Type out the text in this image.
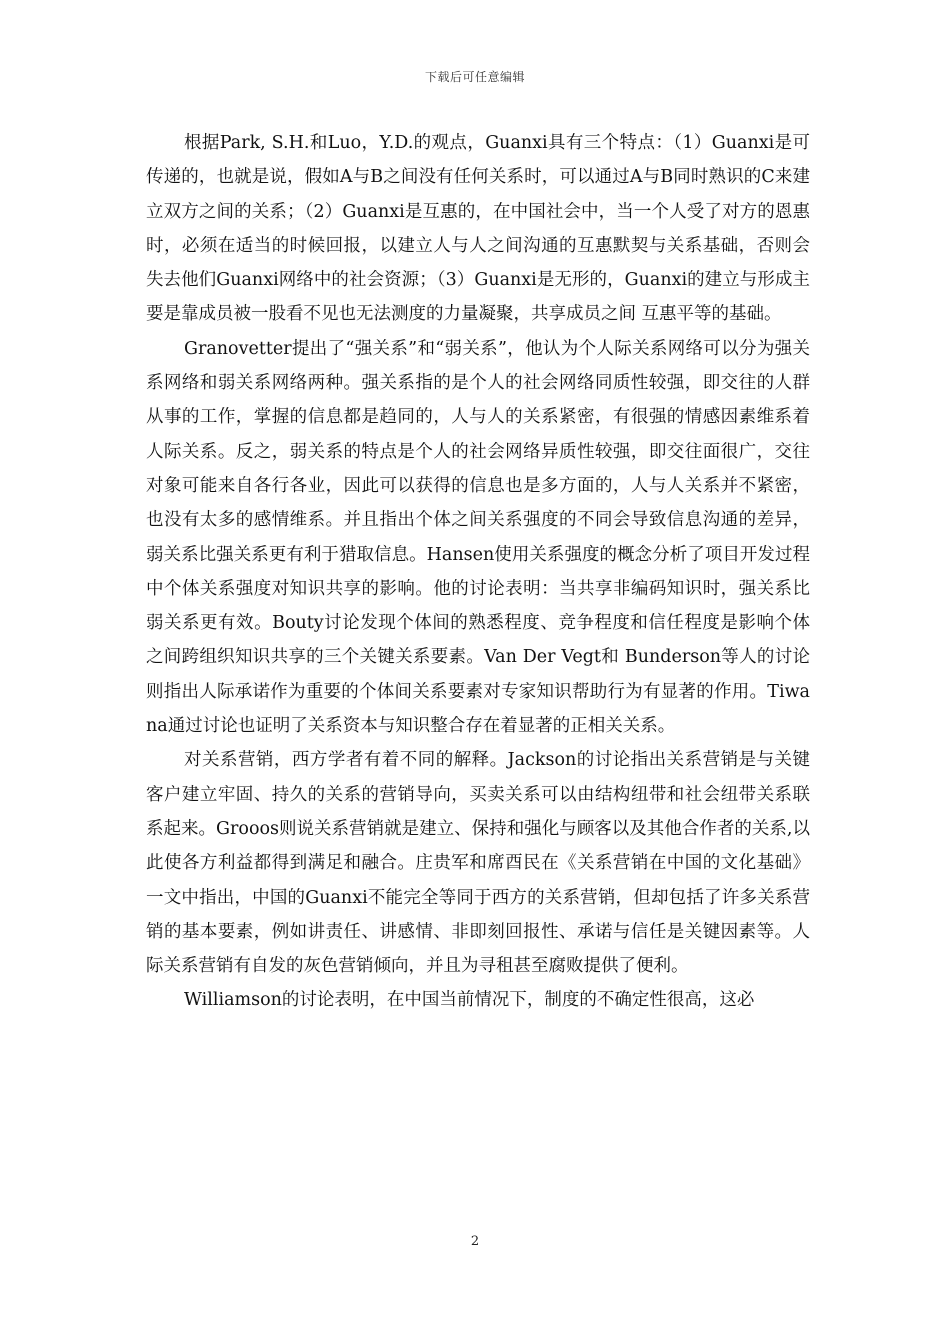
下载后可任意编辑

根据Park, S.H.和Luo，Y.D.的观点，Guanxi具有三个特点：（1）Guanxi是可传递的，也就是说，假如A与B之间没有任何关系时，可以通过A与B同时熟识的C来建立双方之间的关系；（2）Guanxi是互惠的，在中国社会中，当一个人受了对方的恩惠时，必须在适当的时候回报，以建立人与人之间沟通的互惠默契与关系基础，否则会失去他们Guanxi网络中的社会资源；（3）Guanxi是无形的，Guanxi的建立与形成主要是靠成员被一股看不见也无法测度的力量凝聚，共享成员之间 互惠平等的基础。

Granovetter提出了“强关系”和“弱关系”，他认为个人际关系网络可以分为强关系网络和弱关系网络两种。强关系指的是个人的社会网络同质性较强，即交往的人群从事的工作，掌握的信息都是趋同的，人与人的关系紧密，有很强的情感因素维系着人际关系。反之，弱关系的特点是个人的社会网络异质性较强，即交往面很广，交往对象可能来自各行各业，因此可以获得的信息也是多方面的，人与人关系并不紧密，也没有太多的感情维系。并且指出个体之间关系强度的不同会导致信息沟通的差异，弱关系比强关系更有利于猎取信息。Hansen使用关系强度的概念分析了项目开发过程中个体关系强度对知识共享的影响。他的讨论表明：当共享非编码知识时，强关系比弱关系更有效。Bouty讨论发现个体间的熟悉程度、竞争程度和信任程度是影响个体之间跨组织知识共享的三个关键关系要素。Van Der Vegt和 Bunderson等人的讨论则指出人际承诺作为重要的个体间关系要素对专家知识帮助行为有显著的作用。Tiwana通过讨论也证明了关系资本与知识整合存在着显著的正相关关系。

对关系营销，西方学者有着不同的解释。Jackson的讨论指出关系营销是与关键客户建立牢固、持久的关系的营销导向，买卖关系可以由结构纽带和社会纽带关系联系起来。Grooos则说关系营销就是建立、保持和强化与顾客以及其他合作者的关系,以此使各方利益都得到满足和融合。庄贵军和席酉民在《关系营销在中国的文化基础》一文中指出，中国的Guanxi不能完全等同于西方的关系营销，但却包括了许多关系营销的基本要素，例如讲责任、讲感情、非即刻回报性、承诺与信任是关键因素等。人际关系营销有自发的灰色营销倾向，并且为寻租甚至腐败提供了便利。

Williamson的讨论表明，在中国当前情况下，制度的不确定性很高，这必

2
